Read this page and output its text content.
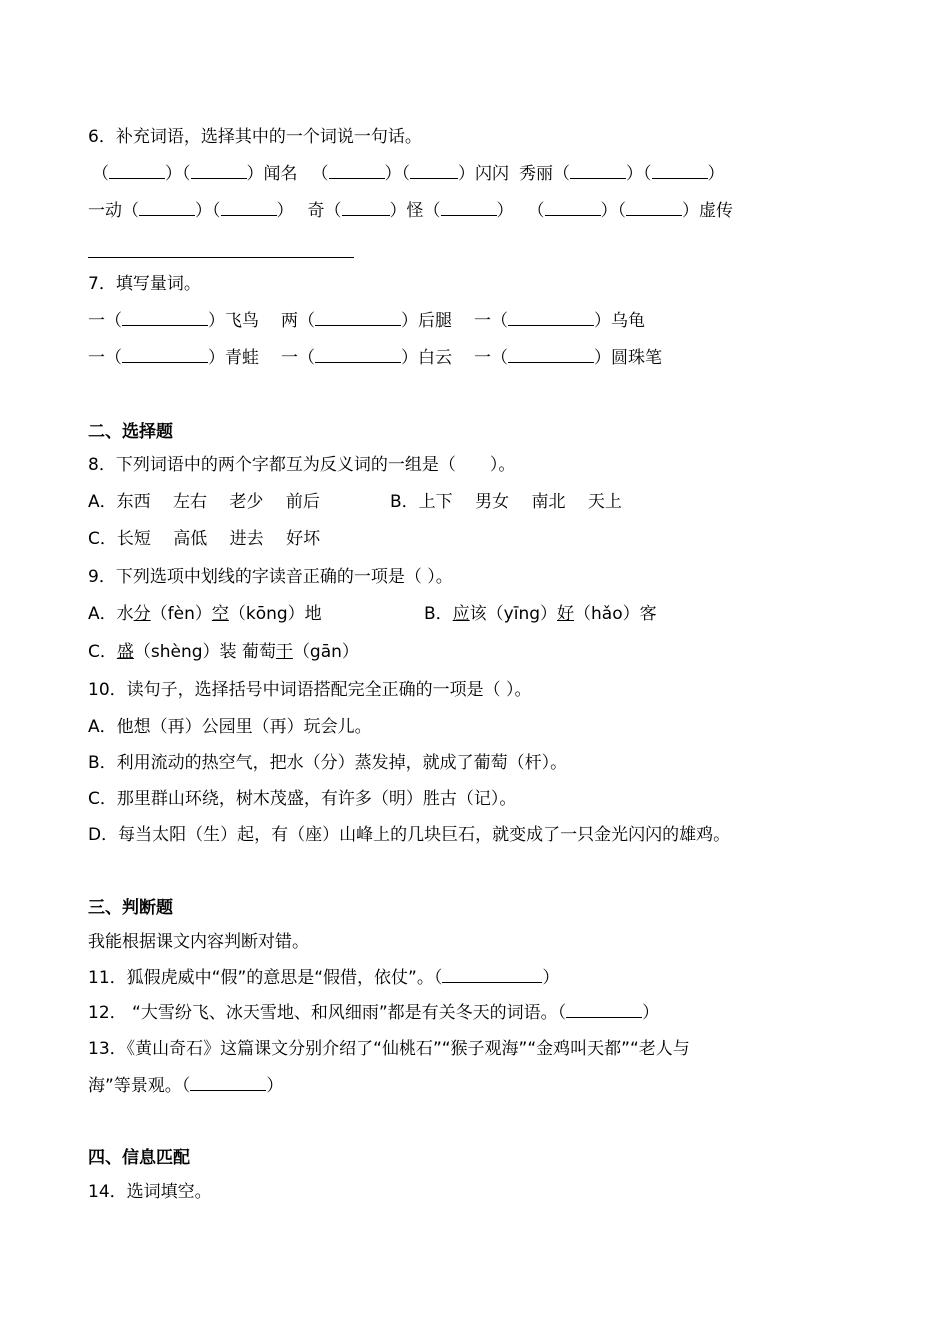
6．补充词语，选择其中的一个词说一句话。
（	）（	）闻名 （	）（	）闪闪 秀丽（	）（	）
一动（	）（	） 奇（	）怪（	） （	）（	）虚传
7．填写量词。
一（	）飞鸟 两（	）后腿 一（	）乌龟
一（	）青蛙 一（	）白云 一（	）圆珠笔
二、选择题
8．下列词语中的两个字都互为反义词的一组是（　　）。
A．东西　 左右　 老少　 前后	B．上下　 男女　 南北　 天上
C．长短　 高低　 进去　 好坏
9．下列选项中划线的字读音正确的一项是（ ）。
A．水分（fèn）空（kōng）地	B．应该（yīng）好（hǎo）客
C．盛（shèng）装 葡萄干（gān）
10．读句子，选择括号中词语搭配完全正确的一项是（ ）。
A．他想（再）公园里（再）玩会儿。
B．利用流动的热空气，把水（分）蒸发掉，就成了葡萄（杆）。
C．那里群山环绕，树木茂盛，有许多（明）胜古（记）。
D．每当太阳（生）起，有（座）山峰上的几块巨石，就变成了一只金光闪闪的雄鸡。
三、判断题
我能根据课文内容判断对错。
11．狐假虎威中“假”的意思是“假借，依仗”。（	）
12． “大雪纷飞、冰天雪地、和风细雨”都是有关冬天的词语。（	）
13．《黄山奇石》这篇课文分别介绍了“仙桃石”“猴子观海”“金鸡叫天都”“老人与
海”等景观。（	）
四、信息匹配
14．选词填空。
